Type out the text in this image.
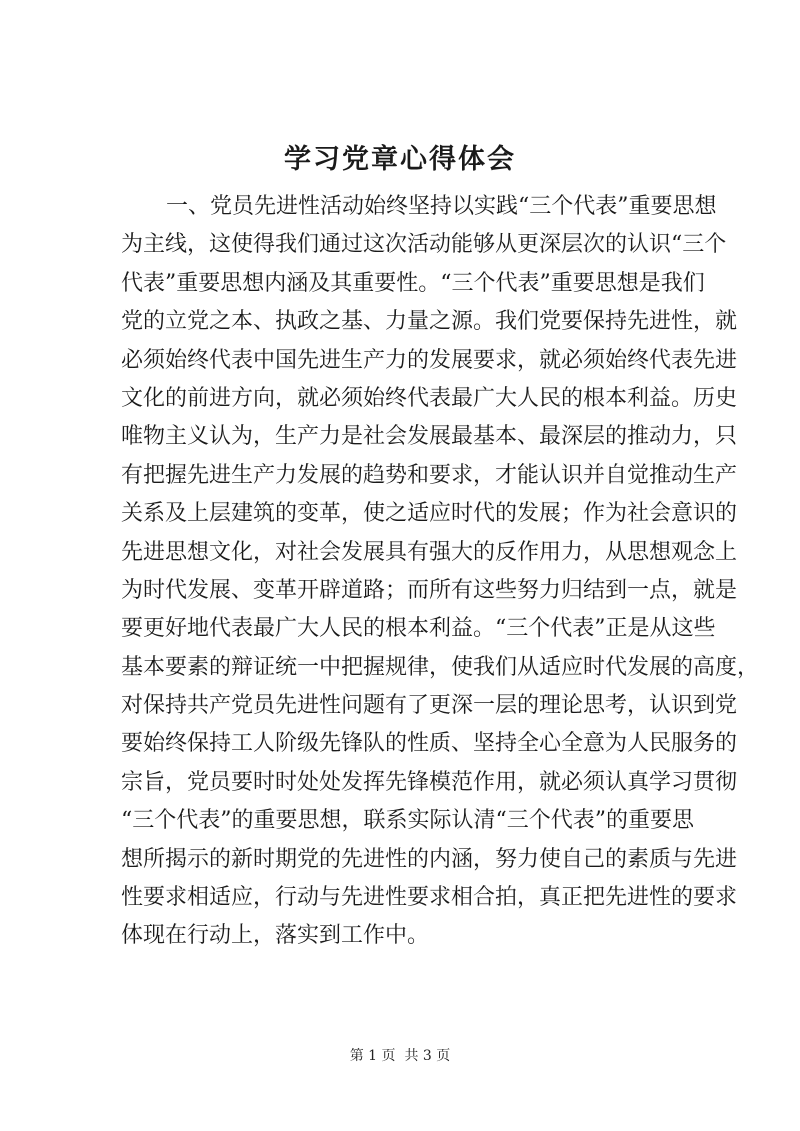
学习党章心得体会
一、党员先进性活动始终坚持以实践“三个代表”重要思想
为主线，这使得我们通过这次活动能够从更深层次的认识“三个
代表”重要思想内涵及其重要性。“三个代表”重要思想是我们
党的立党之本、执政之基、力量之源。我们党要保持先进性，就
必须始终代表中国先进生产力的发展要求，就必须始终代表先进
文化的前进方向，就必须始终代表最广大人民的根本利益。历史
唯物主义认为，生产力是社会发展最基本、最深层的推动力，只
有把握先进生产力发展的趋势和要求，才能认识并自觉推动生产
关系及上层建筑的变革，使之适应时代的发展；作为社会意识的
先进思想文化，对社会发展具有强大的反作用力，从思想观念上
为时代发展、变革开辟道路；而所有这些努力归结到一点，就是
要更好地代表最广大人民的根本利益。“三个代表”正是从这些
基本要素的辩证统一中把握规律，使我们从适应时代发展的高度，
对保持共产党员先进性问题有了更深一层的理论思考，认识到党
要始终保持工人阶级先锋队的性质、坚持全心全意为人民服务的
宗旨，党员要时时处处发挥先锋模范作用，就必须认真学习贯彻
“三个代表”的重要思想，联系实际认清“三个代表”的重要思
想所揭示的新时期党的先进性的内涵，努力使自己的素质与先进
性要求相适应，行动与先进性要求相合拍，真正把先进性的要求
体现在行动上，落实到工作中。
第 1 页  共 3 页
